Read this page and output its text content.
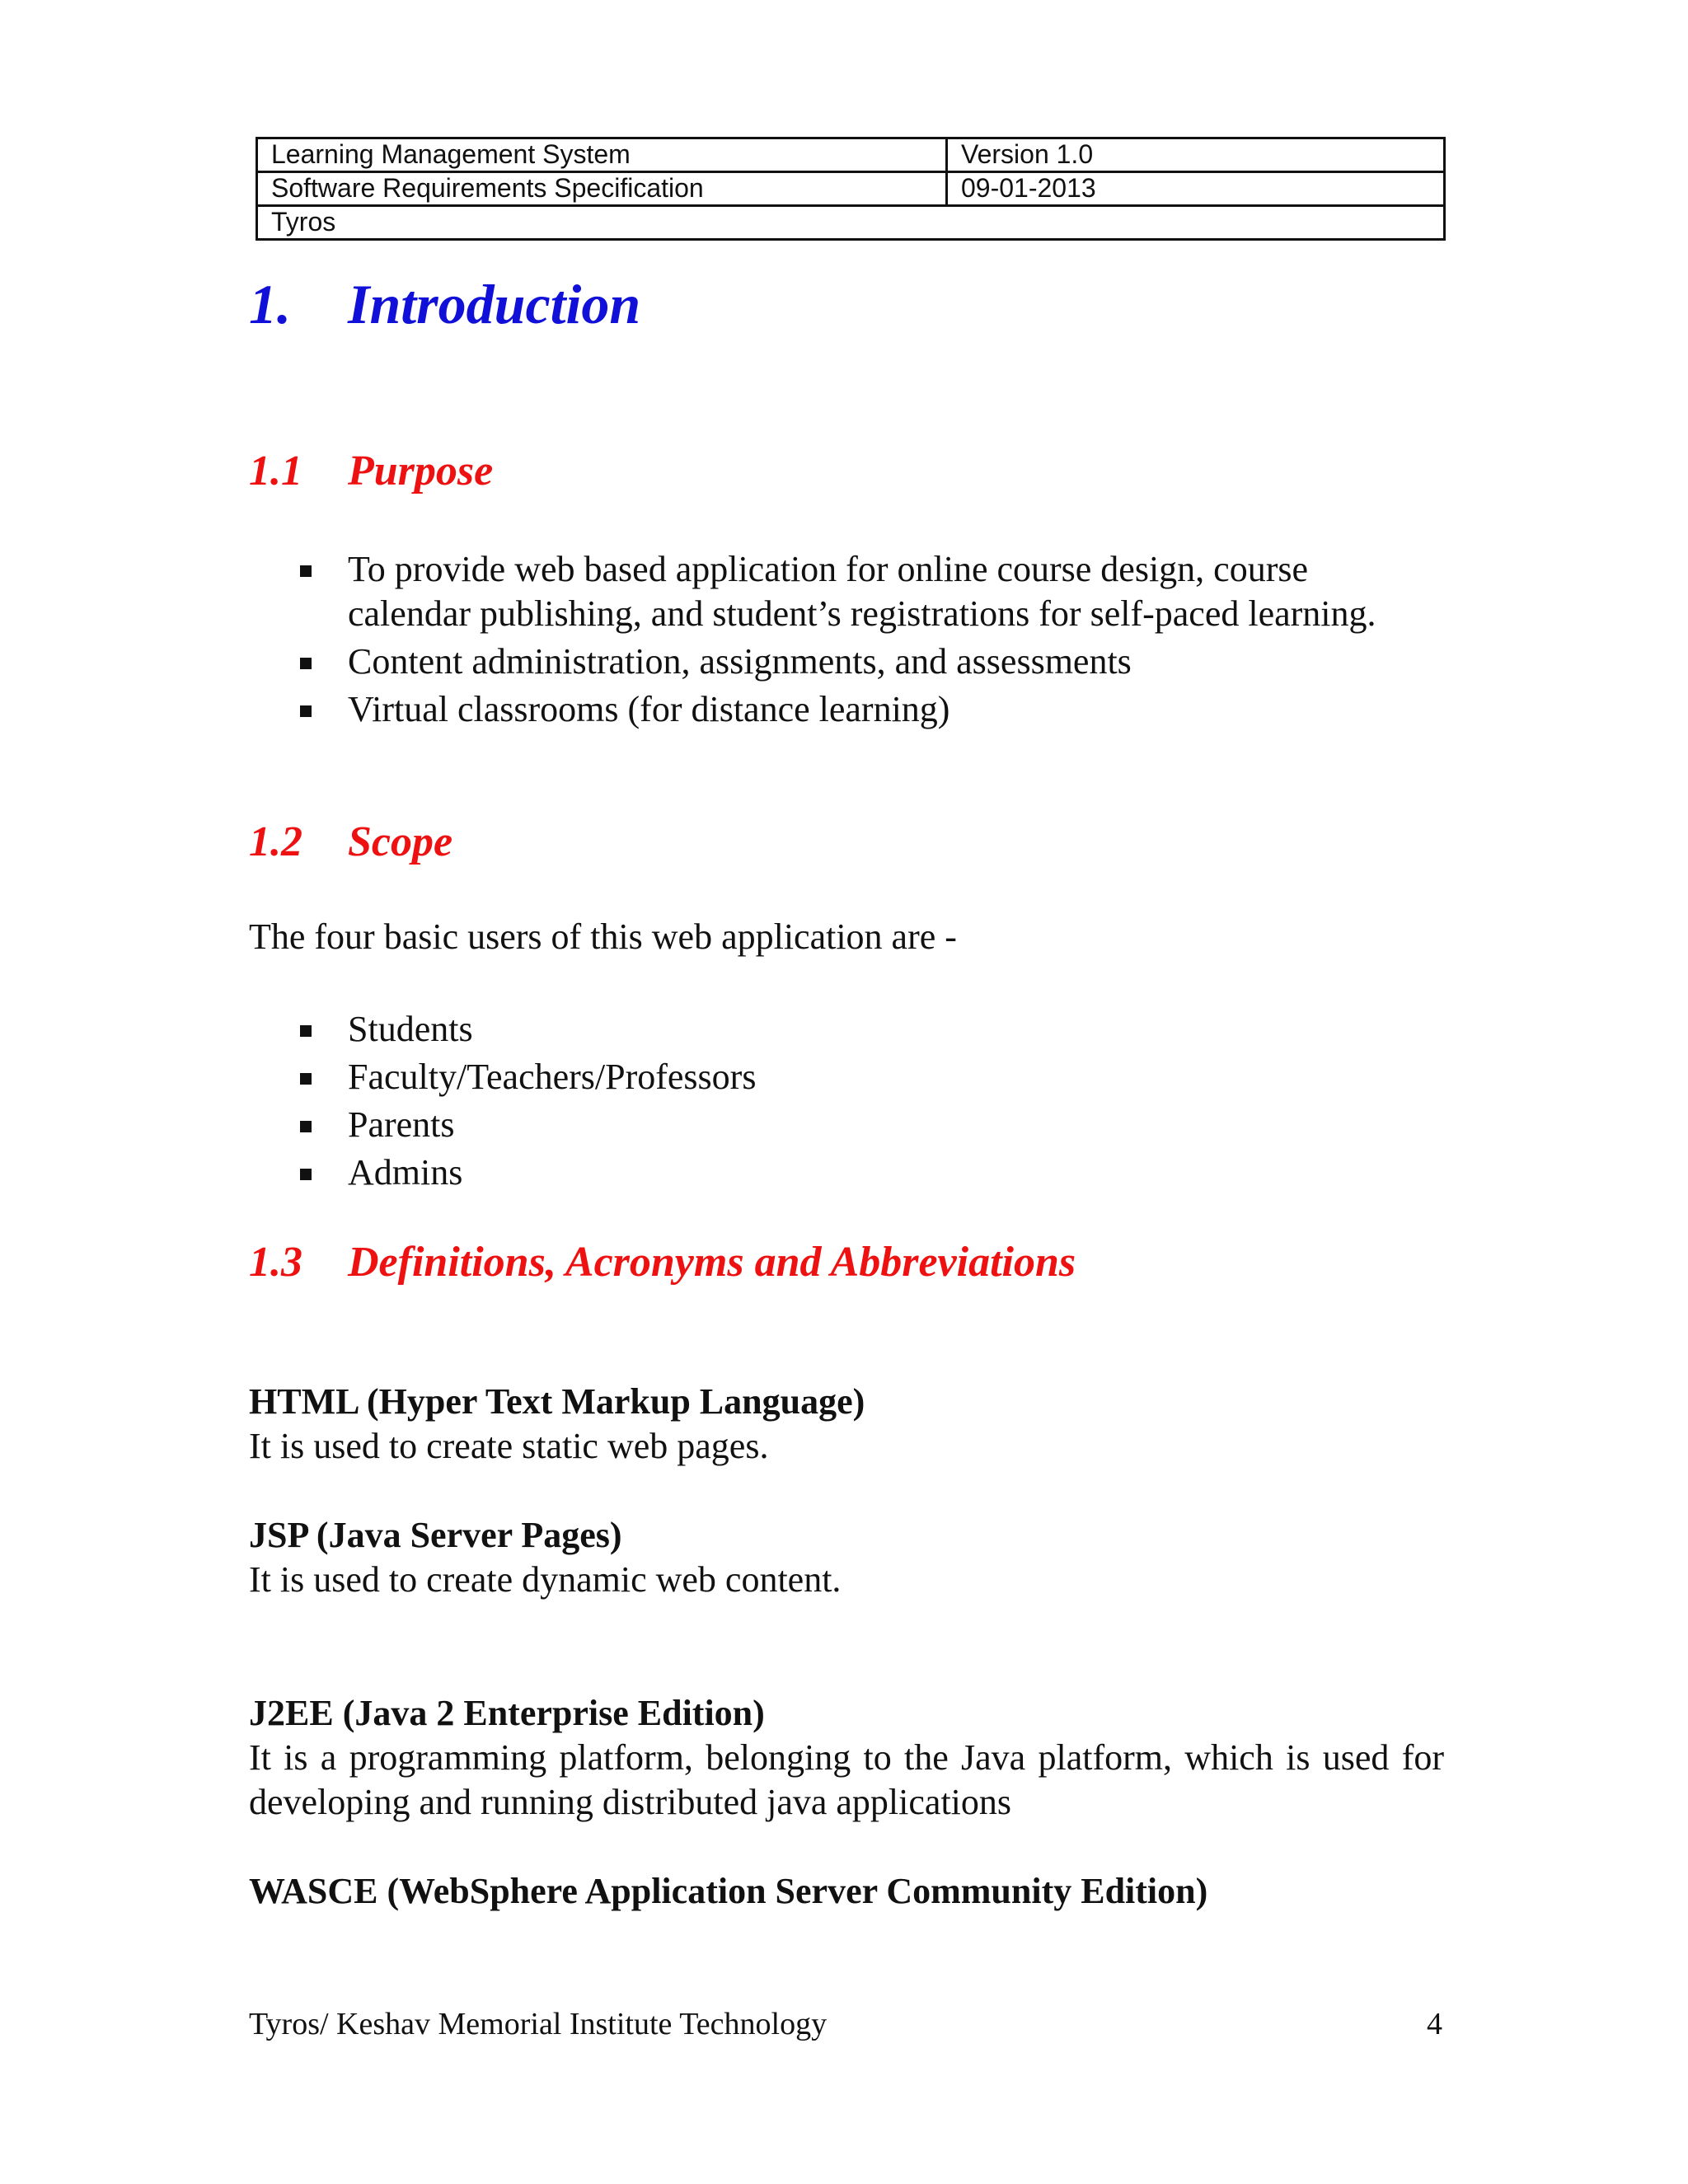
Learning Management System	Version 1.0
Software Requirements Specification	09-01-2013
Tyros	
1. Introduction
1.1 Purpose
To provide web based application for online course design, course calendar publishing, and student’s registrations for self-paced learning.
Content administration, assignments, and assessments
Virtual classrooms (for distance learning)
1.2 Scope

The four basic users of this web application are -

Students
Faculty/Teachers/Professors
Parents
Admins
1.3 Definitions, Acronyms and Abbreviations

HTML (Hyper Text Markup Language)

It is used to create static web pages.

JSP (Java Server Pages)

It is used to create dynamic web content.

J2EE (Java 2 Enterprise Edition)

It is a programming platform, belonging to the Java platform, which is used for developing and running distributed java applications

WASCE (WebSphere Application Server Community Edition)

Tyros/ Keshav Memorial Institute Technology	4
